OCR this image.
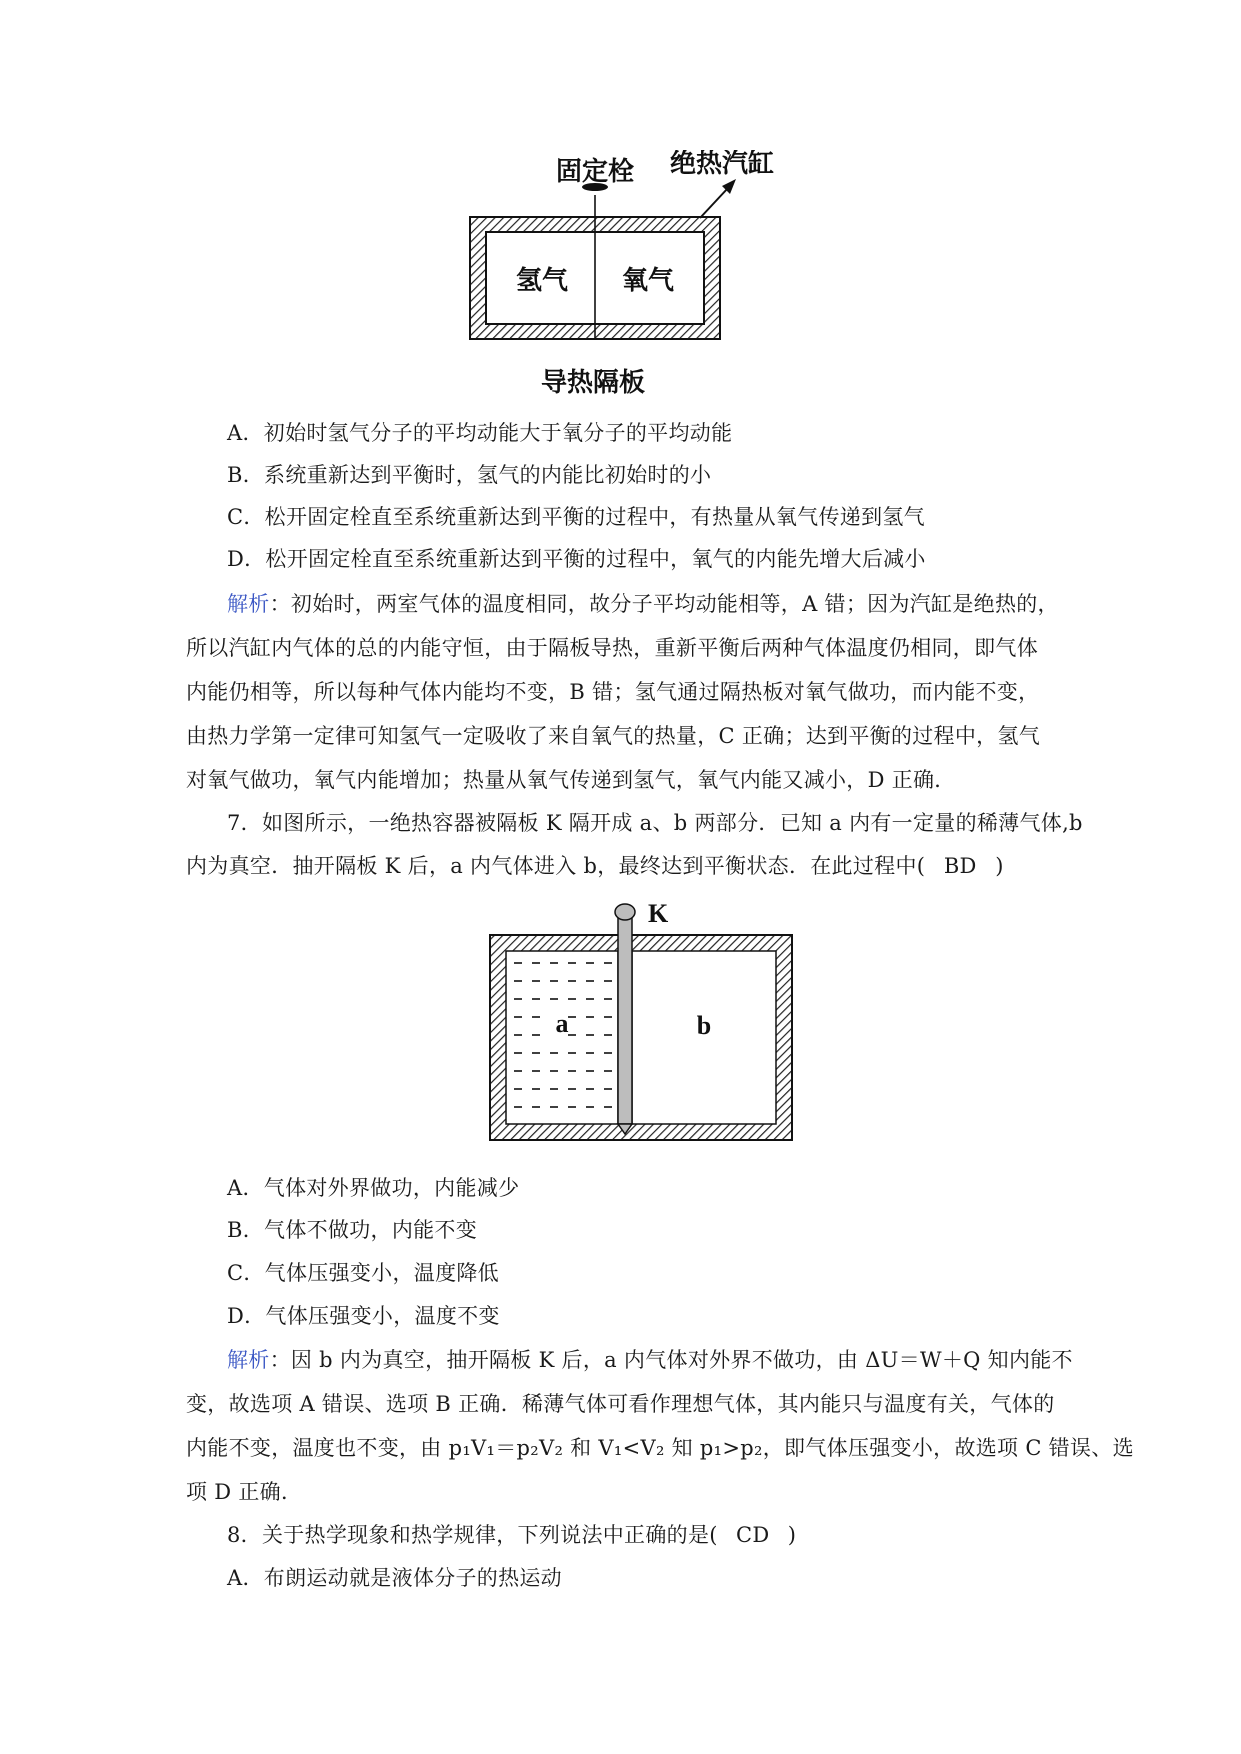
固定栓 绝热汽缸
氢气 氧气
导热隔板
A．初始时氢气分子的平均动能大于氧分子的平均动能
B．系统重新达到平衡时，氢气的内能比初始时的小
C．松开固定栓直至系统重新达到平衡的过程中，有热量从氧气传递到氢气
D．松开固定栓直至系统重新达到平衡的过程中，氧气的内能先增大后减小
解析：初始时，两室气体的温度相同，故分子平均动能相等，A 错；因为汽缸是绝热的，
所以汽缸内气体的总的内能守恒，由于隔板导热，重新平衡后两种气体温度仍相同，即气体
内能仍相等，所以每种气体内能均不变，B 错；氢气通过隔热板对氧气做功，而内能不变，
由热力学第一定律可知氢气一定吸收了来自氧气的热量，C 正确；达到平衡的过程中，氢气
对氧气做功，氧气内能增加；热量从氧气传递到氢气，氧气内能又减小，D 正确．
7．如图所示，一绝热容器被隔板 K 隔开成 a、b 两部分．已知 a 内有一定量的稀薄气体,b
内为真空．抽开隔板 K 后，a 内气体进入 b，最终达到平衡状态．在此过程中( BD )
K
a	b
A．气体对外界做功，内能减少
B．气体不做功，内能不变
C．气体压强变小，温度降低
D．气体压强变小，温度不变
解析：因 b 内为真空，抽开隔板 K 后，a 内气体对外界不做功，由 ΔU＝W＋Q 知内能不
变，故选项 A 错误、选项 B 正确．稀薄气体可看作理想气体，其内能只与温度有关，气体的
内能不变，温度也不变，由 p₁V₁＝p₂V₂ 和 V₁<V₂ 知 p₁>p₂，即气体压强变小，故选项 C 错误、选
项 D 正确．
8．关于热学现象和热学规律，下列说法中正确的是( CD )
A．布朗运动就是液体分子的热运动
